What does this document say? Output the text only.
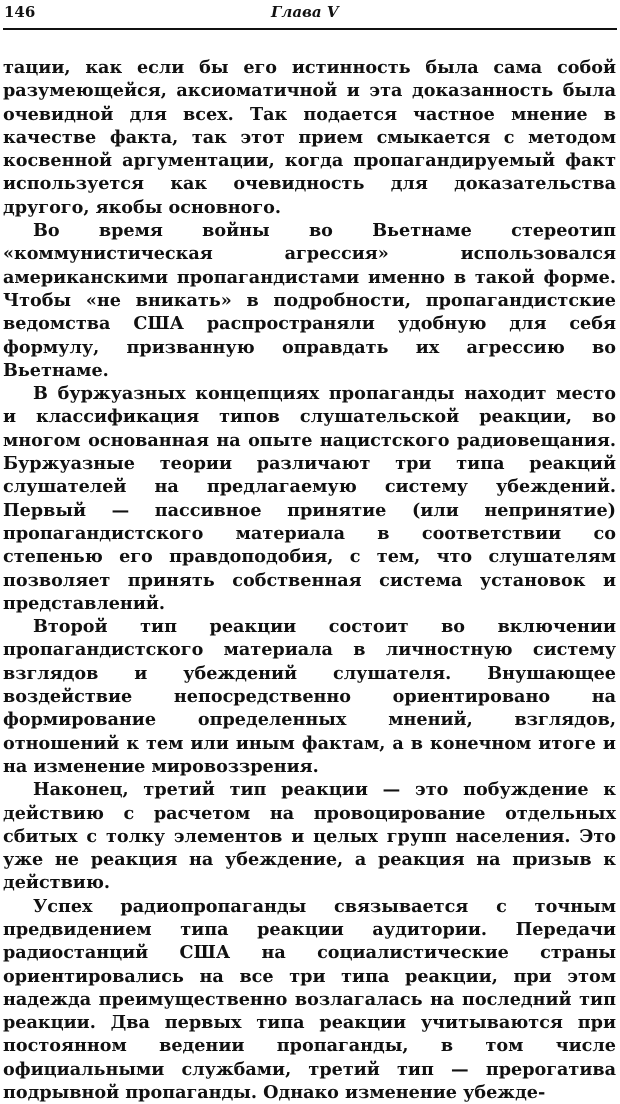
146	Глава V

тации, как если бы его истинность была сама собой разумеющейся, аксиоматичной и эта доказанность была очевидной для всех. Так подается частное мнение в качестве факта, так этот прием смыкается с методом косвенной аргументации, когда пропагандируемый факт используется как очевидность для доказательства другого, якобы основного.

Во время войны во Вьетнаме стереотип «коммунистическая агрессия» использовался американскими пропагандистами именно в такой форме. Чтобы «не вникать» в подробности, пропагандистские ведомства США распространяли удобную для себя формулу, призванную оправдать их агрессию во Вьетнаме.

В буржуазных концепциях пропаганды находит место и классификация типов слушательской реакции, во многом основанная на опыте нацистского радиовещания. Буржуазные теории различают три типа реакций слушателей на предлагаемую систему убеждений. Первый — пассивное принятие (или непринятие) пропагандистского материала в соответствии со степенью его правдоподобия, с тем, что слушателям позволяет принять собственная система установок и представлений.

Второй тип реакции состоит во включении пропагандистского материала в личностную систему взглядов и убеждений слушателя. Внушающее воздействие непосредственно ориентировано на формирование определенных мнений, взглядов, отношений к тем или иным фактам, а в конечном итоге и на изменение мировоззрения.

Наконец, третий тип реакции — это побуждение к действию с расчетом на провоцирование отдельных сбитых с толку элементов и целых групп населения. Это уже не реакция на убеждение, а реакция на призыв к действию.

Успех радиопропаганды связывается с точным предвидением типа реакции аудитории. Передачи радиостанций США на социалистические страны ориентировались на все три типа реакции, при этом надежда преимущественно возлагалась на последний тип реакции. Два первых типа реакции учитываются при постоянном ведении пропаганды, в том числе официальными службами, третий тип — прерогатива подрывной пропаганды. Однако изменение убежде-
